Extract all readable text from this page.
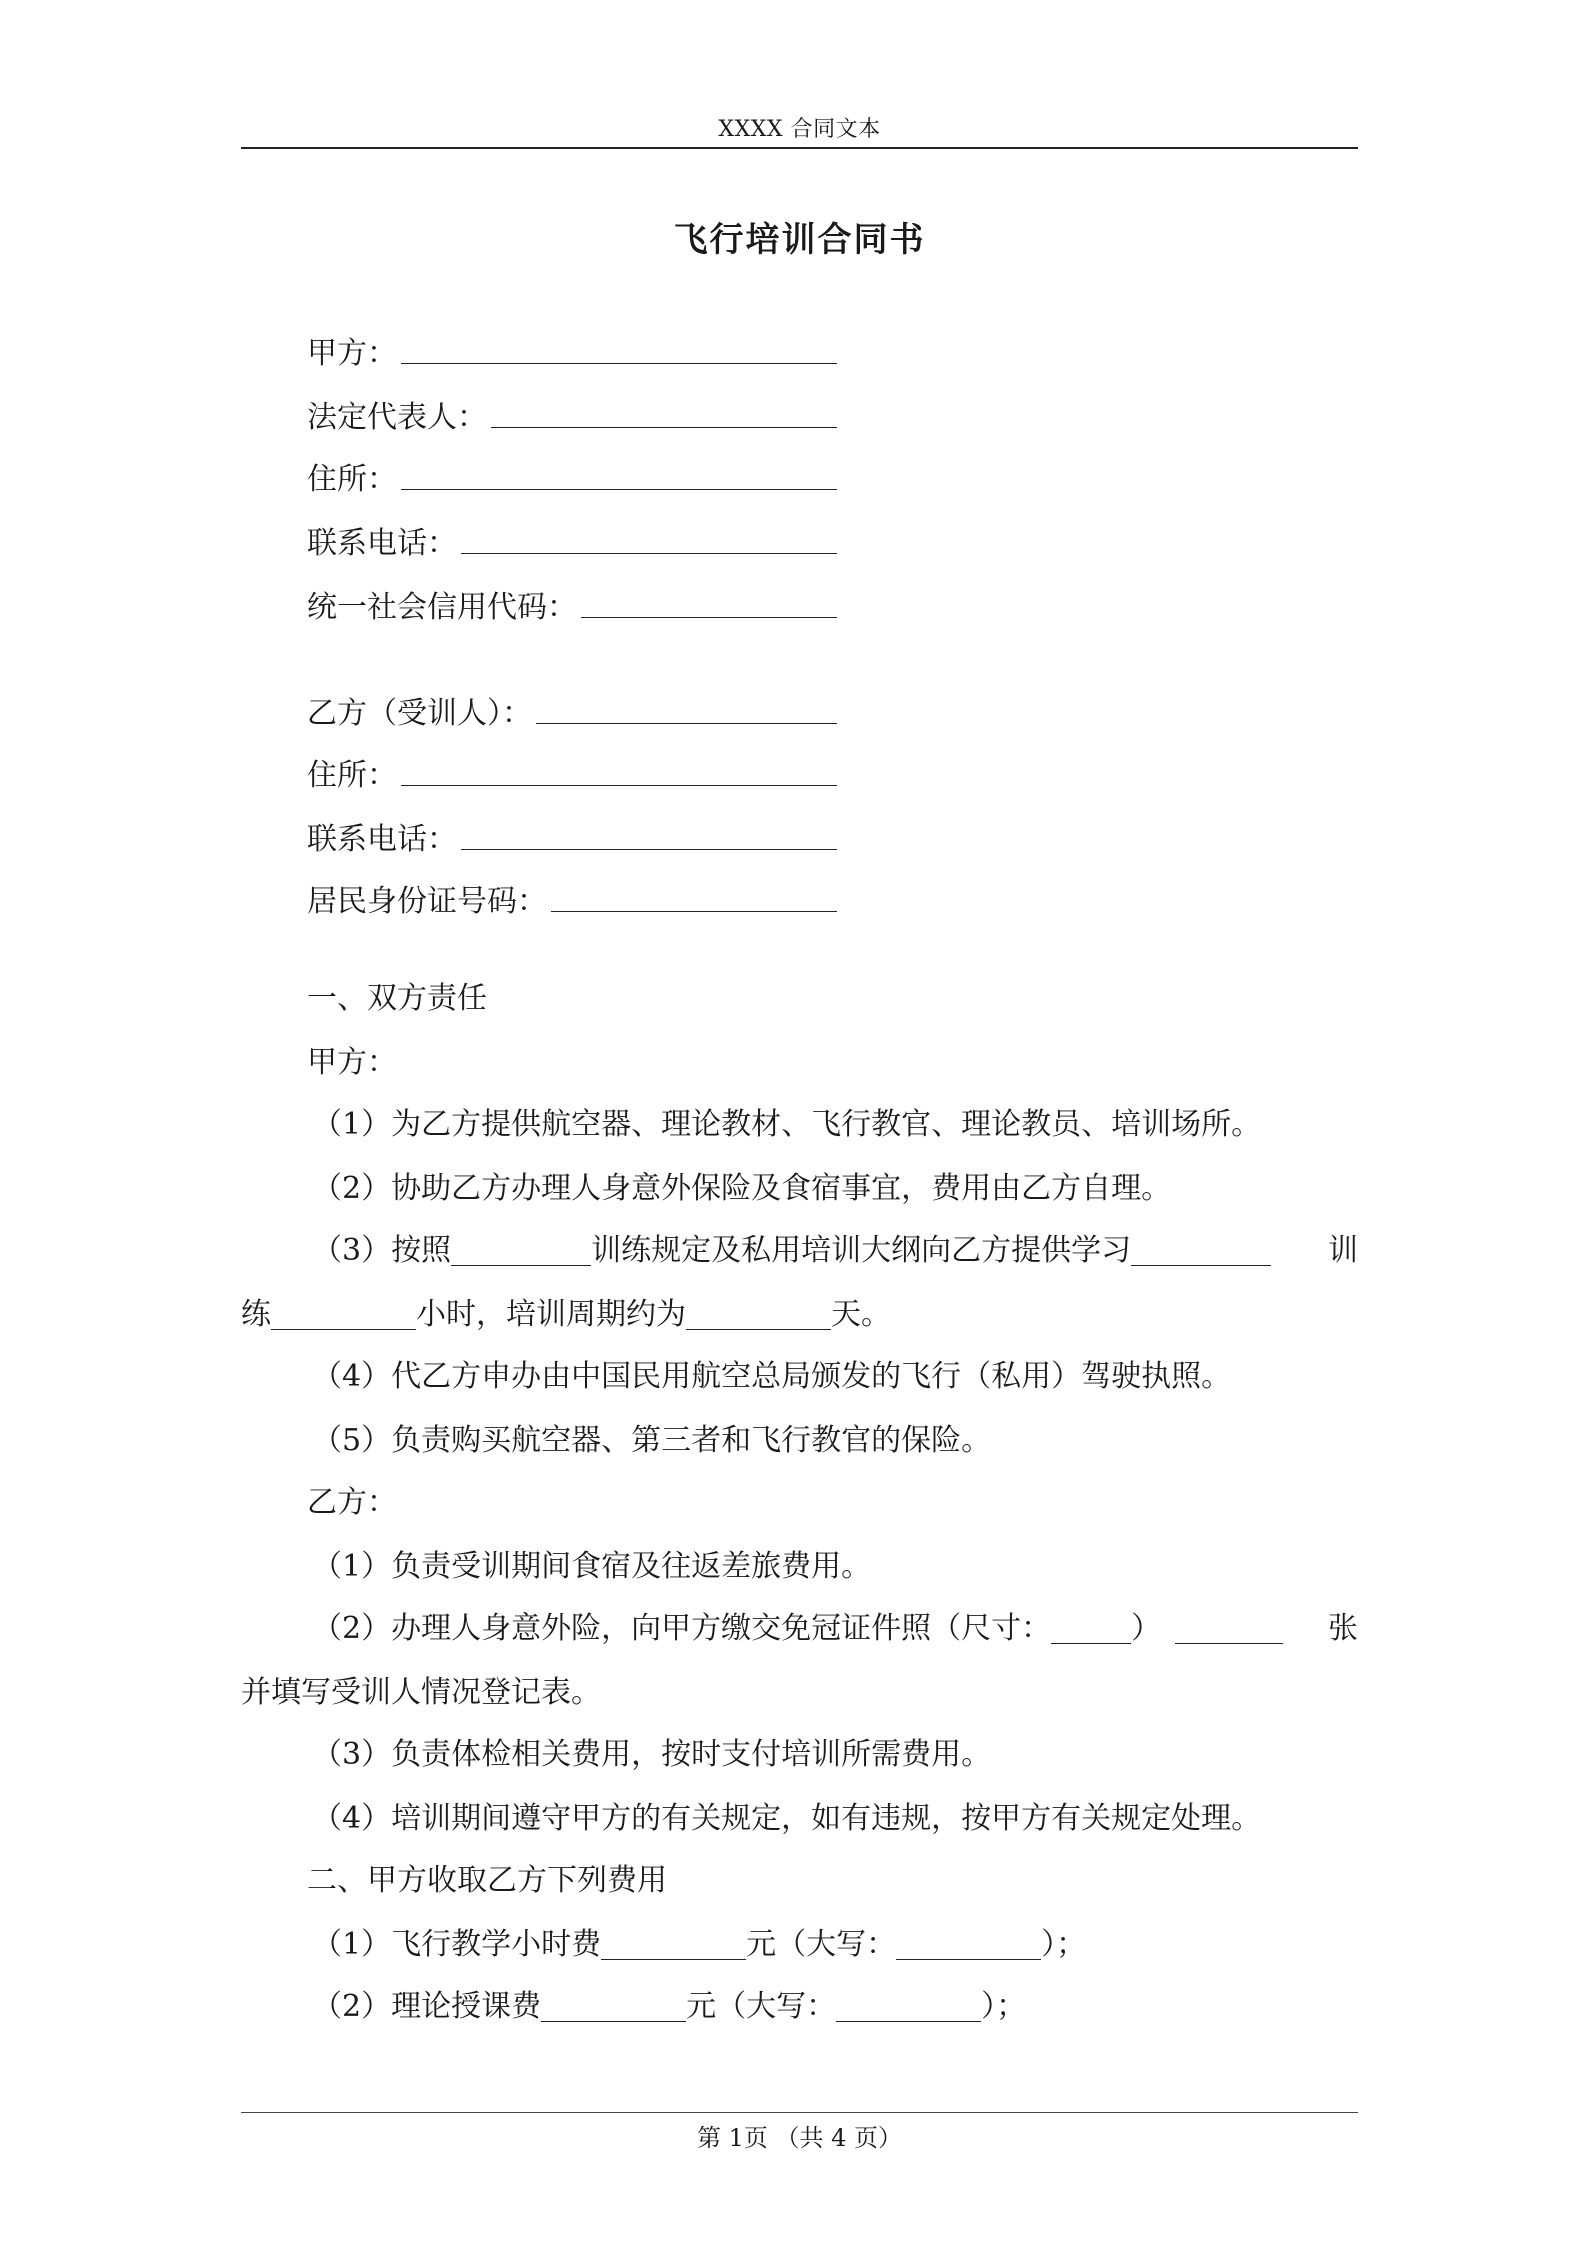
XXXX 合同文本
飞行培训合同书
甲方：
法定代表人：
住所：
联系电话：
统一社会信用代码：
乙方（受训人）：
住所：
联系电话：
居民身份证号码：
一、双方责任
甲方：
（1）为乙方提供航空器、理论教材、飞行教官、理论教员、培训场所。
（2）协助乙方办理人身意外保险及食宿事宜，费用由乙方自理。
（3）按照	训练规定及私用培训大纲向乙方提供学习	训
练	小时，培训周期约为	天。
（4）代乙方申办由中国民用航空总局颁发的飞行（私用）驾驶执照。
（5）负责购买航空器、第三者和飞行教官的保险。
乙方：
（1）负责受训期间食宿及往返差旅费用。
（2）办理人身意外险，向甲方缴交免冠证件照（尺寸：	）	张
并填写受训人情况登记表。
（3）负责体检相关费用，按时支付培训所需费用。
（4）培训期间遵守甲方的有关规定，如有违规，按甲方有关规定处理。
二、甲方收取乙方下列费用
（1）飞行教学小时费	元（大写：	）；
（2）理论授课费	元（大写：	）；
第 1页 （共 4 页）
